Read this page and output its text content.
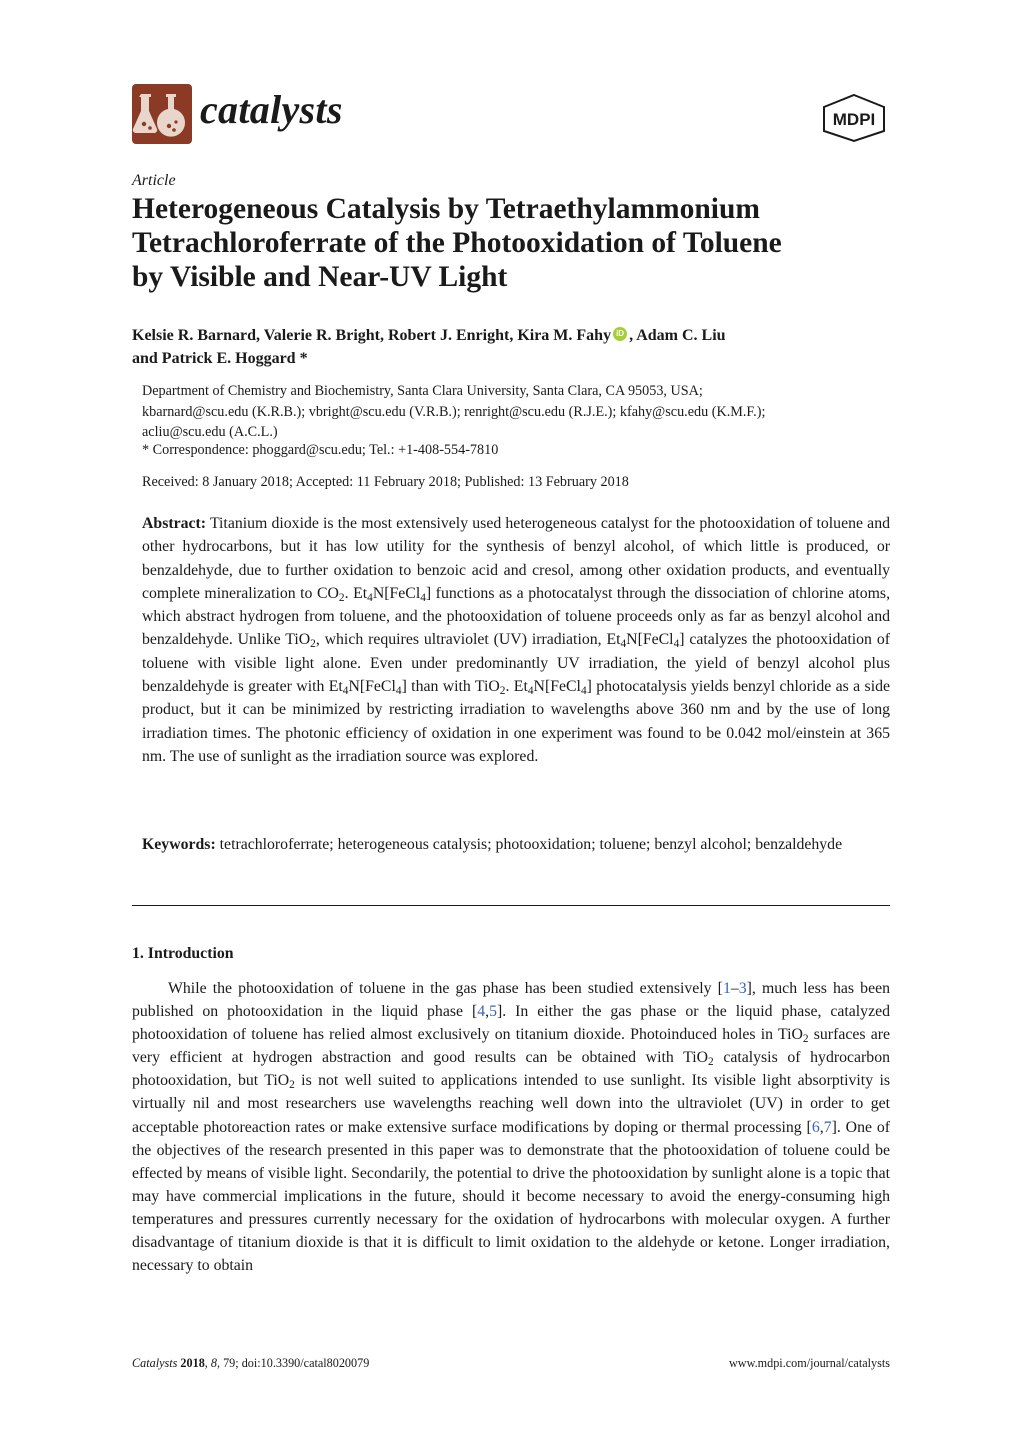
catalysts	MDPI
Article
Heterogeneous Catalysis by Tetraethylammonium
Tetrachloroferrate of the Photooxidation of Toluene
by Visible and Near-UV Light
Kelsie R. Barnard, Valerie R. Bright, Robert J. Enright, Kira M. Fahy iD , Adam C. Liu
and Patrick E. Hoggard *
Department of Chemistry and Biochemistry, Santa Clara University, Santa Clara, CA 95053, USA;
kbarnard@scu.edu (K.R.B.); vbright@scu.edu (V.R.B.); renright@scu.edu (R.J.E.); kfahy@scu.edu (K.M.F.);
acliu@scu.edu (A.C.L.)
* Correspondence: phoggard@scu.edu; Tel.: +1-408-554-7810
Received: 8 January 2018; Accepted: 11 February 2018; Published: 13 February 2018
Abstract: Titanium dioxide is the most extensively used heterogeneous catalyst for the photooxidation of toluene and other hydrocarbons, but it has low utility for the synthesis of benzyl alcohol, of which little is produced, or benzaldehyde, due to further oxidation to benzoic acid and cresol, among other oxidation products, and eventually complete mineralization to $CO_2$. $Et_4N[FeCl_4]$ functions as a photocatalyst through the dissociation of chlorine atoms, which abstract hydrogen from toluene, and the photooxidation of toluene proceeds only as far as benzyl alcohol and benzaldehyde. Unlike TiO$_2$, which requires ultraviolet (UV) irradiation, $Et_4N[FeCl_4]$ catalyzes the photooxidation of toluene with visible light alone. Even under predominantly UV irradiation, the yield of benzyl alcohol plus benzaldehyde is greater with $Et_4N[FeCl_4]$ than with TiO$_2$. $Et_4N[FeCl_4]$ photocatalysis yields benzyl chloride as a side product, but it can be minimized by restricting irradiation to wavelengths above 360 nm and by the use of long irradiation times. The photonic efficiency of oxidation in one experiment was found to be 0.042 mol/einstein at 365 nm. The use of sunlight as the irradiation source was explored.
Keywords: tetrachloroferrate; heterogeneous catalysis; photooxidation; toluene; benzyl alcohol; benzaldehyde
1. Introduction
While the photooxidation of toluene in the gas phase has been studied extensively [1–3], much less has been published on photooxidation in the liquid phase [4,5]. In either the gas phase or the liquid phase, catalyzed photooxidation of toluene has relied almost exclusively on titanium dioxide. Photoinduced holes in TiO$_2$ surfaces are very efficient at hydrogen abstraction and good results can be obtained with TiO$_2$ catalysis of hydrocarbon photooxidation, but TiO$_2$ is not well suited to applications intended to use sunlight. Its visible light absorptivity is virtually nil and most researchers use wavelengths reaching well down into the ultraviolet (UV) in order to get acceptable photoreaction rates or make extensive surface modifications by doping or thermal processing [6,7]. One of the objectives of the research presented in this paper was to demonstrate that the photooxidation of toluene could be effected by means of visible light. Secondarily, the potential to drive the photooxidation by sunlight alone is a topic that may have commercial implications in the future, should it become necessary to avoid the energy-consuming high temperatures and pressures currently necessary for the oxidation of hydrocarbons with molecular oxygen. A further disadvantage of titanium dioxide is that it is difficult to limit oxidation to the aldehyde or ketone. Longer irradiation, necessary to obtain
Catalysts 2018, 8, 79; doi:10.3390/catal8020079	www.mdpi.com/journal/catalysts
